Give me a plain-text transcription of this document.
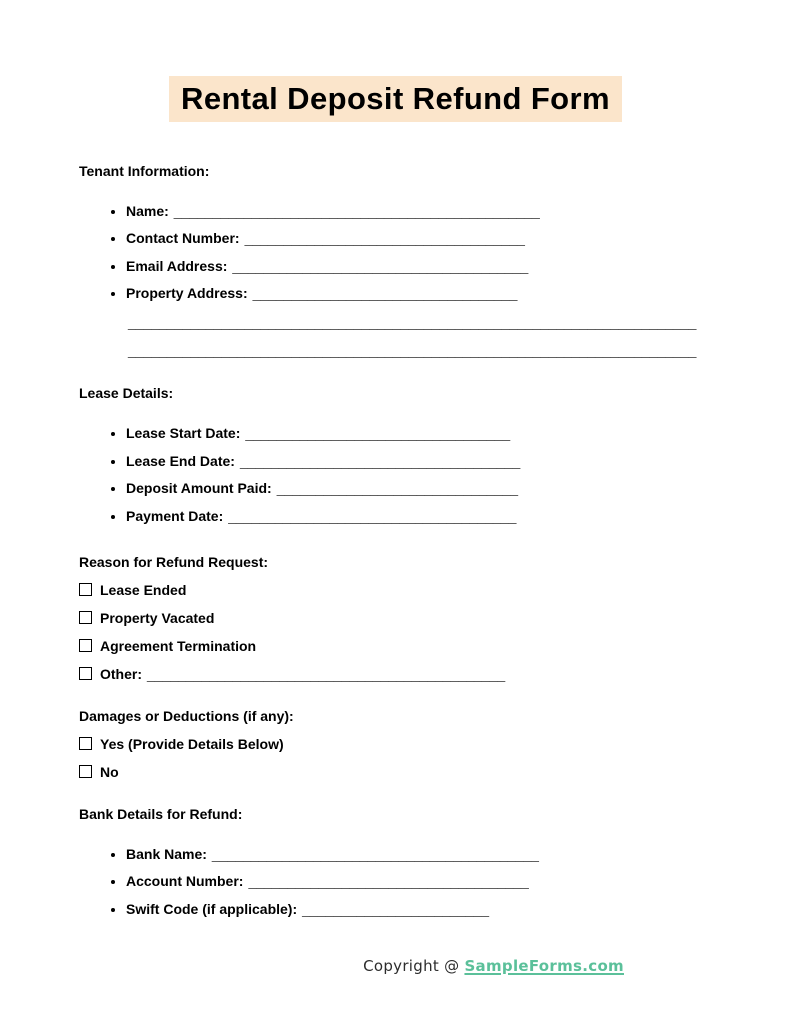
Rental Deposit Refund Form
Tenant Information:
• Name: _______________________________________________
• Contact Number: ____________________________________
• Email Address: ______________________________________
• Property Address: __________________________________
_________________________________________________________________________
_________________________________________________________________________
Lease Details:
• Lease Start Date: __________________________________
• Lease End Date: ____________________________________
• Deposit Amount Paid: _______________________________
• Payment Date: _____________________________________
Reason for Refund Request:
Lease Ended
Property Vacated
Agreement Termination
Other: ______________________________________________
Damages or Deductions (if any):
Yes (Provide Details Below)
No
Bank Details for Refund:
• Bank Name: __________________________________________
• Account Number: ____________________________________
• Swift Code (if applicable): ________________________
Copyright @ SampleForms.com
